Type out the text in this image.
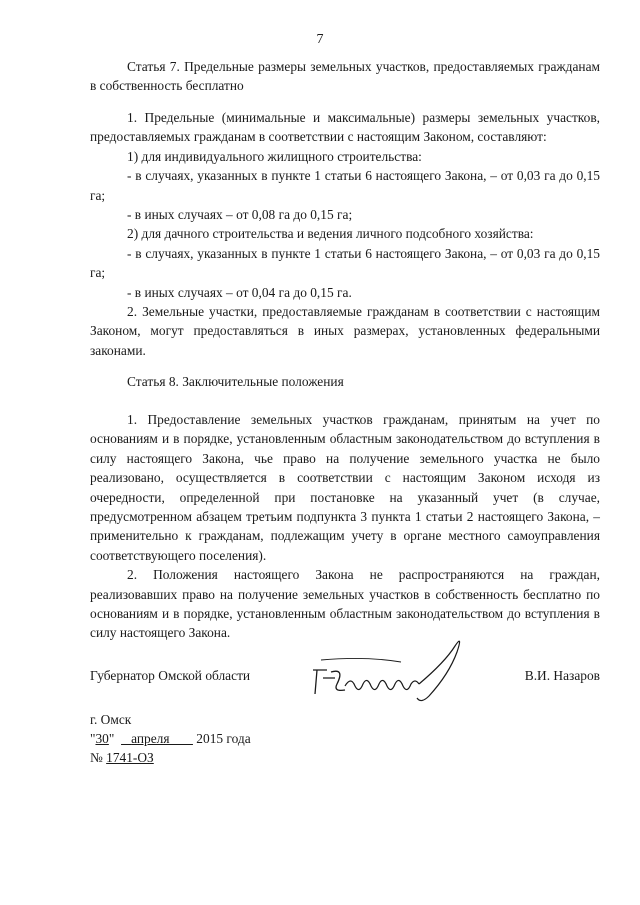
7
Статья 7. Предельные размеры земельных участков, предоставляемых гражданам в собственность бесплатно

1. Предельные (минимальные и максимальные) размеры земельных участков, предоставляемых гражданам в соответствии с настоящим Законом, составляют:

1) для индивидуального жилищного строительства:

- в случаях, указанных в пункте 1 статьи 6 настоящего Закона, – от 0,03 га до 0,15 га;

- в иных случаях – от 0,08 га до 0,15 га;

2) для дачного строительства и ведения личного подсобного хозяйства:

- в случаях, указанных в пункте 1 статьи 6 настоящего Закона, – от 0,03 га до 0,15 га;

- в иных случаях – от 0,04 га до 0,15 га.

2. Земельные участки, предоставляемые гражданам в соответствии с настоящим Законом, могут предоставляться в иных размерах, установленных федеральными законами.

Статья 8. Заключительные положения

1. Предоставление земельных участков гражданам, принятым на учет по основаниям и в порядке, установленным областным законодательством до вступления в силу настоящего Закона, чье право на получение земельного участка не было реализовано, осуществляется в соответствии с настоящим Законом исходя из очередности, определенной при постановке на указанный учет (в случае, предусмотренном абзацем третьим подпункта 3 пункта 1 статьи 2 настоящего Закона, – применительно к гражданам, подлежащим учету в органе местного самоуправления соответствующего поселения).

2. Положения настоящего Закона не распространяются на граждан, реализовавших право на получение земельных участков в собственность бесплатно по основаниям и в порядке, установленным областным законодательством до вступления в силу настоящего Закона.

Губернатор Омской области	В.И. Назаров
г. Омск
"30"     апреля 2015 года
№ 1741-ОЗ
